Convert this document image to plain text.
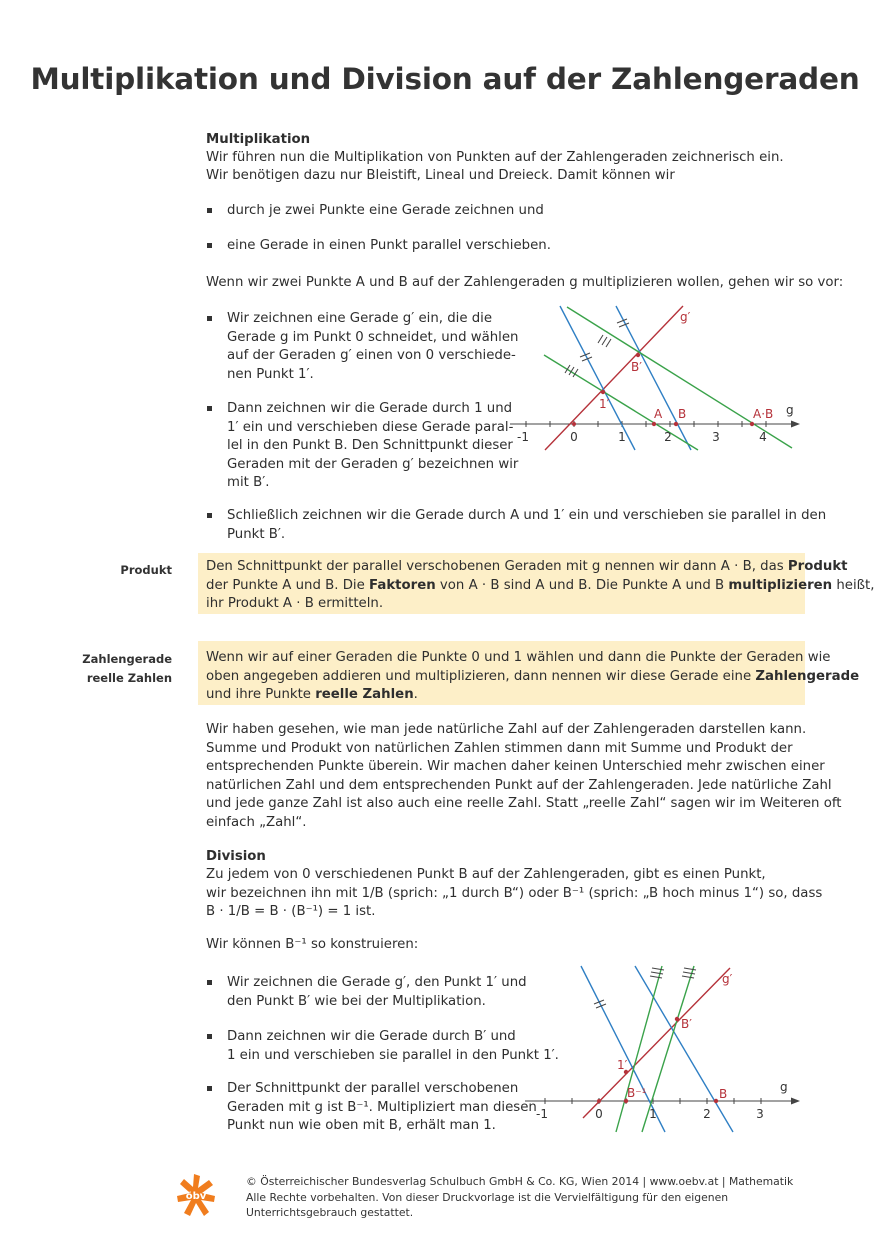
Multiplikation und Division auf der Zahlengeraden
Multiplikation
Wir führen nun die Multiplikation von Punkten auf der Zahlengeraden zeichnerisch ein.
Wir benötigen dazu nur Bleistift, Lineal und Dreieck. Damit können wir
durch je zwei Punkte eine Gerade zeichnen und
eine Gerade in einen Punkt parallel verschieben.
Wenn wir zwei Punkte A und B auf der Zahlengeraden g multiplizieren wollen, gehen wir so vor:
Wir zeichnen eine Gerade g′ ein, die die
Gerade g im Punkt 0 schneidet, und wählen
auf der Geraden g′ einen von 0 verschiede-
nen Punkt 1′.
Dann zeichnen wir die Gerade durch 1 und
1′ ein und verschieben diese Gerade paral-
lel in den Punkt B. Den Schnittpunkt dieser
Geraden mit der Geraden g′ bezeichnen wir
mit B′.
Schließlich zeichnen wir die Gerade durch A und 1′ ein und verschieben sie parallel in den
Punkt B′.
-1	0	1	2	3	4
g
g′
1′
B′
A B	A·B
Produkt	Den Schnittpunkt der parallel verschobenen Geraden mit g nennen wir dann A · B, das Produkt
der Punkte A und B. Die Faktoren von A · B sind A und B. Die Punkte A und B multiplizieren heißt,
ihr Produkt A · B ermitteln.
Zahlengerade
reelle Zahlen
Wenn wir auf einer Geraden die Punkte 0 und 1 wählen und dann die Punkte der Geraden wie
oben angegeben addieren und multiplizieren, dann nennen wir diese Gerade eine Zahlengerade
und ihre Punkte reelle Zahlen.
Wir haben gesehen, wie man jede natürliche Zahl auf der Zahlengeraden darstellen kann.
Summe und Produkt von natürlichen Zahlen stimmen dann mit Summe und Produkt der
entsprechenden Punkte überein. Wir machen daher keinen Unterschied mehr zwischen einer
natürlichen Zahl und dem entsprechenden Punkt auf der Zahlengeraden. Jede natürliche Zahl
und jede ganze Zahl ist also auch eine reelle Zahl. Statt „reelle Zahl“ sagen wir im Weiteren oft
einfach „Zahl“.
Division
Zu jedem von 0 verschiedenen Punkt B auf der Zahlengeraden, gibt es einen Punkt,
wir bezeichnen ihn mit 1/B (sprich: „1 durch B“) oder B⁻¹ (sprich: „B hoch minus 1“) so, dass
B · 1/B = B · (B⁻¹) = 1 ist.
Wir können B⁻¹ so konstruieren:
Wir zeichnen die Gerade g′, den Punkt 1′ und
den Punkt B′ wie bei der Multiplikation.
Dann zeichnen wir die Gerade durch B′ und
1 ein und verschieben sie parallel in den Punkt 1′.
Der Schnittpunkt der parallel verschobenen
Geraden mit g ist B⁻¹. Multipliziert man diesen
Punkt nun wie oben mit B, erhält man 1.
-1	0	1	2	3
g
g′
1′
B′
B
B⁻¹
öbv
© Österreichischer Bundesverlag Schulbuch GmbH & Co. KG, Wien 2014 | www.oebv.at | Mathematik
Alle Rechte vorbehalten. Von dieser Druckvorlage ist die Vervielfältigung für den eigenen
Unterrichtsgebrauch gestattet.
